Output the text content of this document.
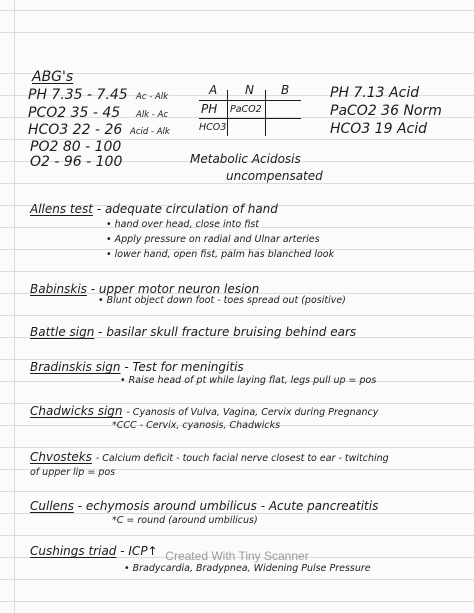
ABG's
PH 7.35 - 7.45 Ac - Alk
PCO2 35 - 45 Alk - Ac
HCO3 22 - 26 Acid - Alk
PO2 80 - 100
O2 - 96 - 100
A N B
PH PaCO2
HCO3
PH 7.13 Acid
PaCO2 36 Norm
HCO3 19 Acid
Metabolic Acidosis
uncompensated
Allens test - adequate circulation of hand
• hand over head, close into fist
• Apply pressure on radial and Ulnar arteries
• lower hand, open fist, palm has blanched look
Babinskis - upper motor neuron lesion
• Blunt object down foot - toes spread out (positive)
Battle sign - basilar skull fracture bruising behind ears
Bradinskis sign - Test for meningitis
• Raise head of pt while laying flat, legs pull up = pos
Chadwicks sign - Cyanosis of Vulva, Vagina, Cervix during Pregnancy
*CCC - Cervix, cyanosis, Chadwicks
Chvosteks - Calcium deficit - touch facial nerve closest to ear - twitching
of upper lip = pos
Cullens - echymosis around umbilicus - Acute pancreatitis
*C = round (around umbilicus)
Cushings triad - ICP↑
• Bradycardia, Bradypnea, Widening Pulse Pressure
Created With Tiny Scanner
